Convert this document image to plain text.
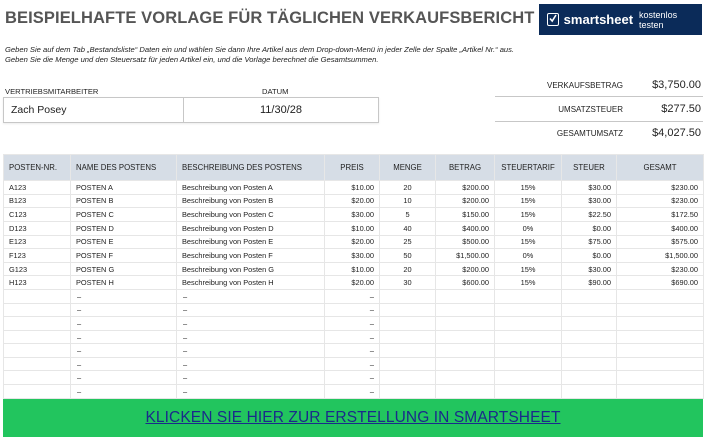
BEISPIELHAFTE VORLAGE FÜR TÄGLICHEN VERKAUFSBERICHT smartsheet kostenlos testen
Geben Sie auf dem Tab „Bestandsliste“ Daten ein und wählen Sie dann Ihre Artikel aus dem Drop-down-Menü in jeder Zelle der Spalte „Artikel Nr.“ aus.
Geben Sie die Menge und den Steuersatz für jeden Artikel ein, und die Vorlage berechnet die Gesamtsummen.
VERTRIEBSMITARBEITER	DATUM
Zach Posey	11/30/28
VERKAUFSBETRAG	$3,750.00
UMSATZSTEUER	$277.50
GESAMTUMSATZ	$4,027.50
POSTEN-NR.	NAME DES POSTENS	BESCHREIBUNG DES POSTENS	PREIS	MENGE	BETRAG	STEUERTARIF	STEUER	GESAMT
A123	POSTEN A	Beschreibung von Posten A	$10.00	20	$200.00	15%	$30.00	$230.00
B123	POSTEN B	Beschreibung von Posten B	$20.00	10	$200.00	15%	$30.00	$230.00
C123	POSTEN C	Beschreibung von Posten C	$30.00	5	$150.00	15%	$22.50	$172.50
D123	POSTEN D	Beschreibung von Posten D	$10.00	40	$400.00	0%	$0.00	$400.00
E123	POSTEN E	Beschreibung von Posten E	$20.00	25	$500.00	15%	$75.00	$575.00
F123	POSTEN F	Beschreibung von Posten F	$30.00	50	$1,500.00	0%	$0.00	$1,500.00
G123	POSTEN G	Beschreibung von Posten G	$10.00	20	$200.00	15%	$30.00	$230.00
H123	POSTEN H	Beschreibung von Posten H	$20.00	30	$600.00	15%	$90.00	$690.00
	–	–	–					
	–	–	–					
	–	–	–					
	–	–	–					
	–	–	–					
	–	–	–					
	–	–	–					
	–	–	–					
KLICKEN SIE HIER ZUR ERSTELLUNG IN SMARTSHEET
